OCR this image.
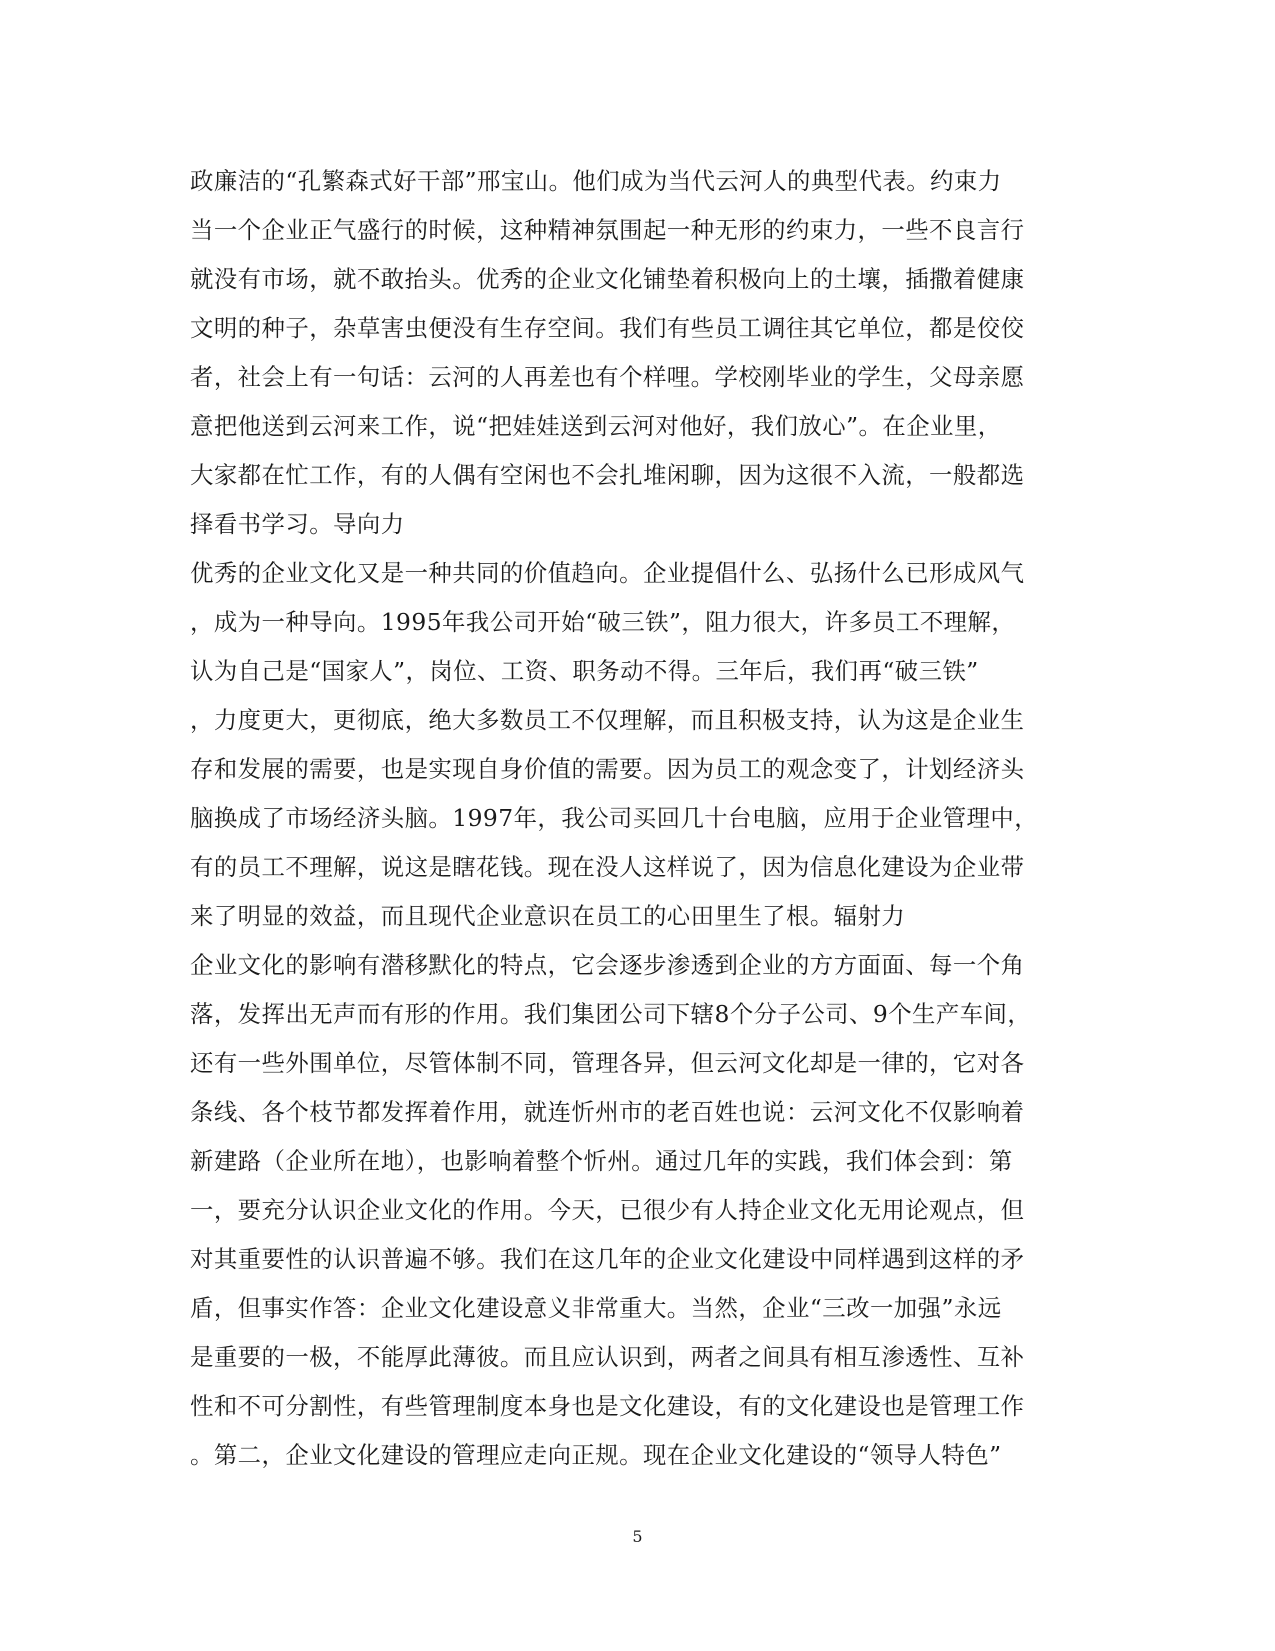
政廉洁的“孔繁森式好干部”邢宝山。他们成为当代云河人的典型代表。约束力
当一个企业正气盛行的时候，这种精神氛围起一种无形的约束力，一些不良言行
就没有市场，就不敢抬头。优秀的企业文化铺垫着积极向上的土壤，插撒着健康
文明的种子，杂草害虫便没有生存空间。我们有些员工调往其它单位，都是佼佼
者，社会上有一句话：云河的人再差也有个样哩。学校刚毕业的学生，父母亲愿
意把他送到云河来工作，说“把娃娃送到云河对他好，我们放心”。在企业里，
大家都在忙工作，有的人偶有空闲也不会扎堆闲聊，因为这很不入流，一般都选
择看书学习。导向力
优秀的企业文化又是一种共同的价值趋向。企业提倡什么、弘扬什么已形成风气
，成为一种导向。1995年我公司开始“破三铁”，阻力很大，许多员工不理解，
认为自己是“国家人”，岗位、工资、职务动不得。三年后，我们再“破三铁”
，力度更大，更彻底，绝大多数员工不仅理解，而且积极支持，认为这是企业生
存和发展的需要，也是实现自身价值的需要。因为员工的观念变了，计划经济头
脑换成了市场经济头脑。1997年，我公司买回几十台电脑，应用于企业管理中，
有的员工不理解，说这是瞎花钱。现在没人这样说了，因为信息化建设为企业带
来了明显的效益，而且现代企业意识在员工的心田里生了根。辐射力
企业文化的影响有潜移默化的特点，它会逐步渗透到企业的方方面面、每一个角
落，发挥出无声而有形的作用。我们集团公司下辖8个分子公司、9个生产车间，
还有一些外围单位，尽管体制不同，管理各异，但云河文化却是一律的，它对各
条线、各个枝节都发挥着作用，就连忻州市的老百姓也说：云河文化不仅影响着
新建路（企业所在地），也影响着整个忻州。通过几年的实践，我们体会到：第
一，要充分认识企业文化的作用。今天，已很少有人持企业文化无用论观点，但
对其重要性的认识普遍不够。我们在这几年的企业文化建设中同样遇到这样的矛
盾，但事实作答：企业文化建设意义非常重大。当然，企业“三改一加强”永远
是重要的一极，不能厚此薄彼。而且应认识到，两者之间具有相互渗透性、互补
性和不可分割性，有些管理制度本身也是文化建设，有的文化建设也是管理工作
。第二，企业文化建设的管理应走向正规。现在企业文化建设的“领导人特色”
5
